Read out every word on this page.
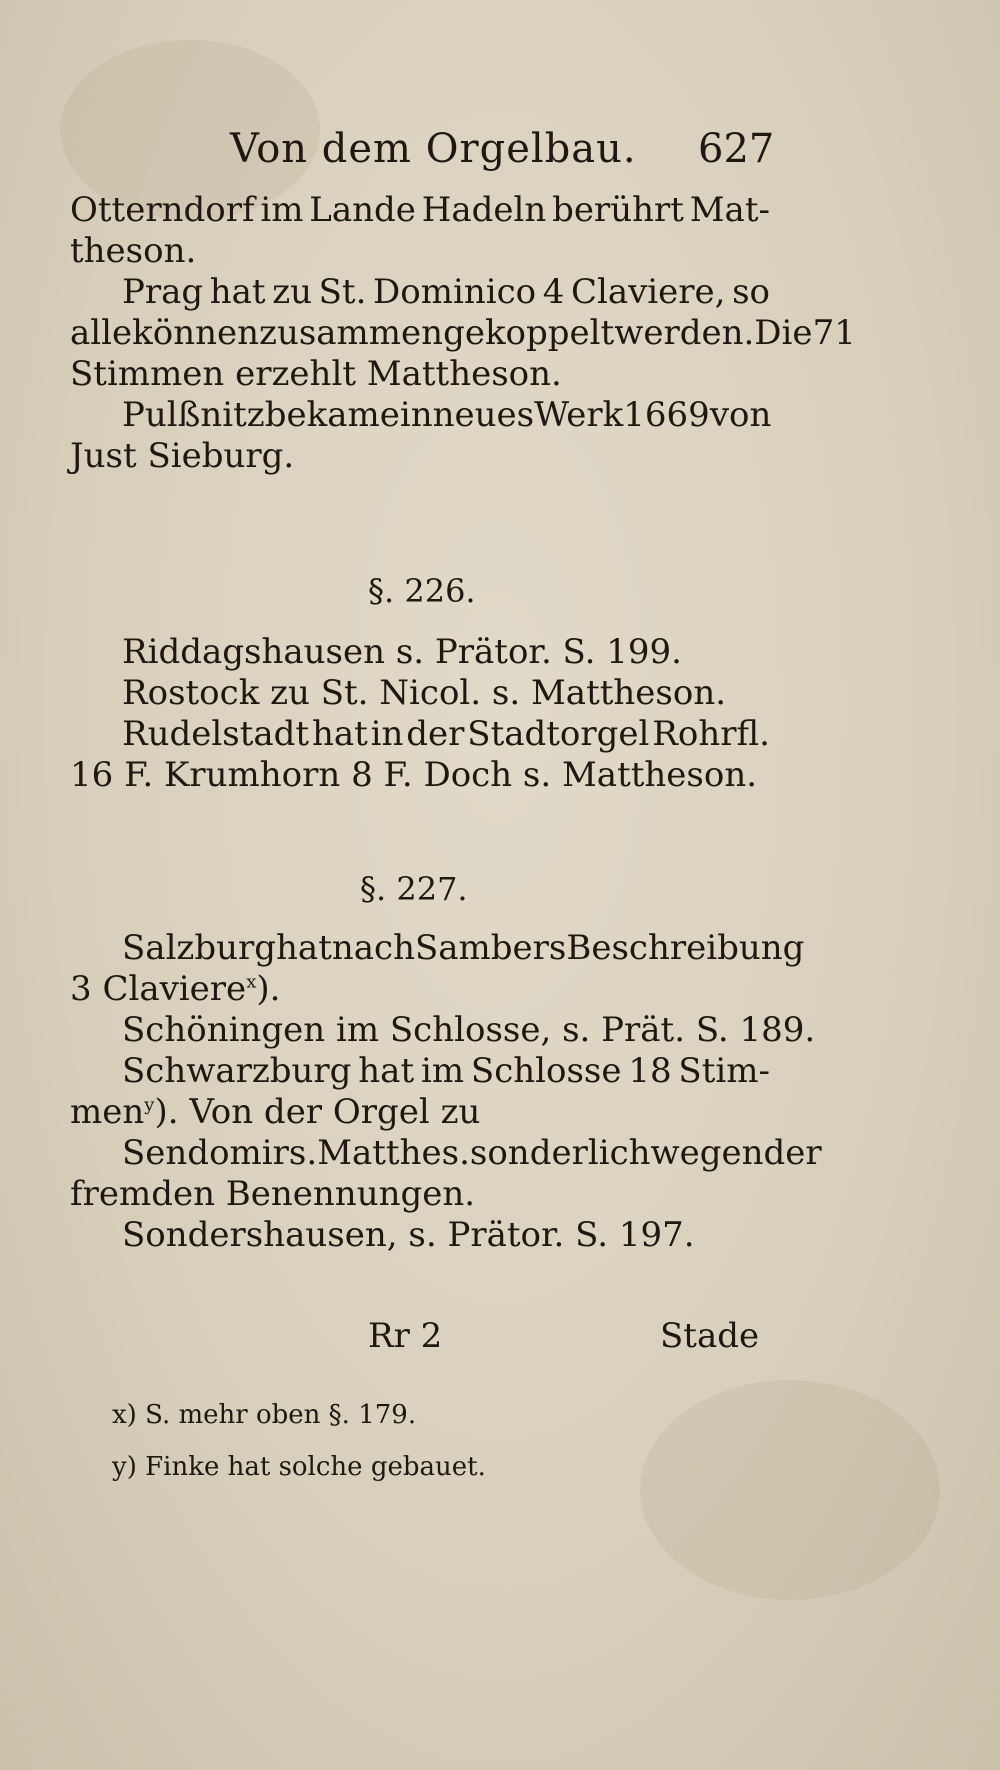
Von dem Orgelbau. 627
Otterndorf im Lande Hadeln berührt Mat-
theson.
Prag hat zu St. Dominico 4 Claviere, so
alle können zusammen gekoppelt werden. Die 71
Stimmen erzehlt Mattheson.
Pulßnitz bekam ein neues Werk 1669 von
Just Sieburg.
§. 226.
Riddagshausen s. Prätor. S. 199.
Rostock zu St. Nicol. s. Mattheson.
Rudelstadt hat in der Stadtorgel Rohrfl.
16 F. Krumhorn 8 F. Doch s. Mattheson.
§. 227.
Salzburg hat nach Sambers Beschreibung
3 Claviere$^x$).
Schöningen im Schlosse, s. Prät. S. 189.
Schwarzburg hat im Schlosse 18 Stim-
men$^y$). Von der Orgel zu
Sendomir s. Matthes. sonderlich wegen der
fremden Benennungen.
Sondershausen, s. Prätor. S. 197.
Rr 2	Stade
x) S. mehr oben §. 179.
y) Finke hat solche gebauet.
